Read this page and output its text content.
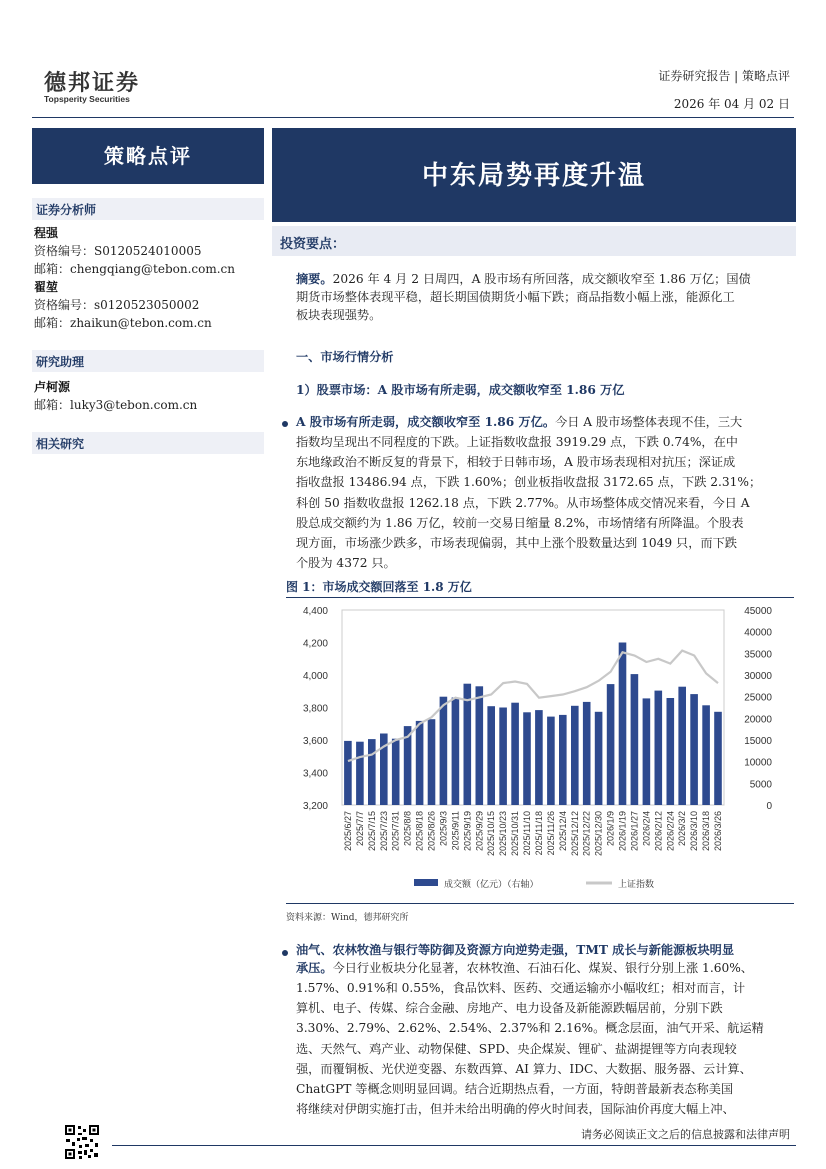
德邦证券
Topsperity Securities
证券研究报告 | 策略点评
2026 年 04 月 02 日
策略点评
中东局势再度升温
证券分析师
程强
资格编号：S0120524010005
邮箱：chengqiang@tebon.com.cn
翟堃
资格编号：s0120523050002
邮箱：zhaikun@tebon.com.cn
研究助理
卢柯源
邮箱：luky3@tebon.com.cn
相关研究
投资要点：
摘要。2026 年 4 月 2 日周四，A 股市场有所回落，成交额收窄至 1.86 万亿；国债
期货市场整体表现平稳，超长期国债期货小幅下跌；商品指数小幅上涨，能源化工
板块表现强势。
一、市场行情分析
1）股票市场：A 股市场有所走弱，成交额收窄至 1.86 万亿
A 股市场有所走弱，成交额收窄至 1.86 万亿。今日 A 股市场整体表现不佳，三大
指数均呈现出不同程度的下跌。上证指数收盘报 3919.29 点，下跌 0.74%，在中
东地缘政治不断反复的背景下，相较于日韩市场，A 股市场表现相对抗压；深证成
指收盘报 13486.94 点，下跌 1.60%；创业板指收盘报 3172.65 点，下跌 2.31%；
科创 50 指数收盘报 1262.18 点，下跌 2.77%。从市场整体成交情况来看，今日 A
股总成交额约为 1.86 万亿，较前一交易日缩量 8.2%，市场情绪有所降温。个股表
现方面，市场涨少跌多，市场表现偏弱，其中上涨个股数量达到 1049 只，而下跌
个股为 4372 只。
图 1：市场成交额回落至 1.8 万亿
3,200
3,400
3,600
3,800
4,000
4,200
4,400
0
5000
10000
15000
20000
25000
30000
35000
40000
45000
2025/6/27 2025/7/7 2025/7/15 2025/7/23 2025/7/31 2025/8/8 2025/8/18 2025/8/26 2025/9/3 2025/9/11 2025/9/19 2025/9/29 2025/10/15 2025/10/23 2025/10/31 2025/11/10 2025/11/18 2025/11/26 2025/12/4 2025/12/12 2025/12/22 2025/12/30 2026/1/9 2026/1/19 2026/1/27 2026/2/4 2026/2/12 2026/2/24 2026/3/2 2026/3/10 2026/3/18 2026/3/26
成交额（亿元）（右轴）	上证指数
资料来源：Wind，德邦研究所
油气、农林牧渔与银行等防御及资源方向逆势走强，TMT 成长与新能源板块明显
承压。今日行业板块分化显著，农林牧渔、石油石化、煤炭、银行分别上涨 1.60%、
1.57%、0.91%和 0.55%，食品饮料、医药、交通运输亦小幅收红；相对而言，计
算机、电子、传媒、综合金融、房地产、电力设备及新能源跌幅居前，分别下跌
3.30%、2.79%、2.62%、2.54%、2.37%和 2.16%。概念层面，油气开采、航运精
选、天然气、鸡产业、动物保健、SPD、央企煤炭、锂矿、盐湖提锂等方向表现较
强，而覆铜板、光伏逆变器、东数西算、AI 算力、IDC、大数据、服务器、云计算、
ChatGPT 等概念则明显回调。结合近期热点看，一方面，特朗普最新表态称美国
将继续对伊朗实施打击，但并未给出明确的停火时间表，国际油价再度大幅上冲、
请务必阅读正文之后的信息披露和法律声明
